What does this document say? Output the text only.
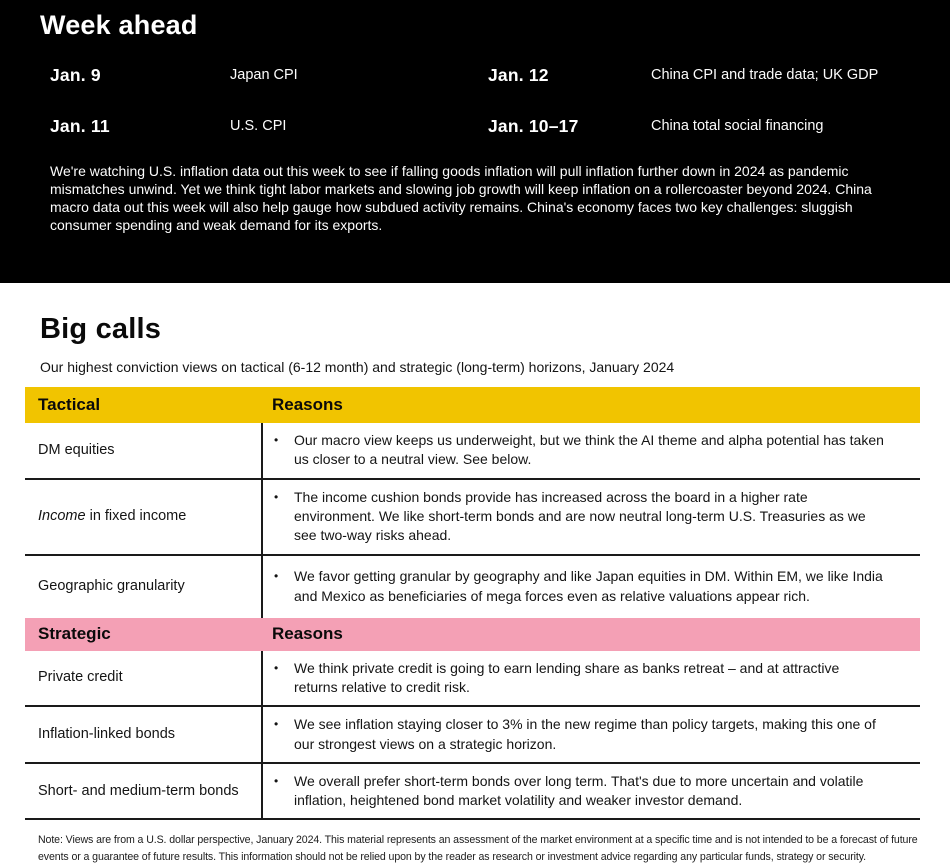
Week ahead
Jan. 9	Japan CPI	Jan. 12	China CPI and trade data; UK GDP
Jan. 11	U.S. CPI	Jan. 10–17	China total social financing
We're watching U.S. inflation data out this week to see if falling goods inflation will pull inflation further down in 2024 as pandemic mismatches unwind. Yet we think tight labor markets and slowing job growth will keep inflation on a rollercoaster beyond 2024. China macro data out this week will also help gauge how subdued activity remains. China's economy faces two key challenges: sluggish consumer spending and weak demand for its exports.
Big calls
Our highest conviction views on tactical (6-12 month) and strategic (long-term) horizons, January 2024
Tactical	Reasons
DM equities
•	Our macro view keeps us underweight, but we think the AI theme and alpha potential has taken us closer to a neutral view. See below.
Income in fixed income
•	The income cushion bonds provide has increased across the board in a higher rate environment. We like short-term bonds and are now neutral long-term U.S. Treasuries as we see two-way risks ahead.
Geographic granularity
•	We favor getting granular by geography and like Japan equities in DM. Within EM, we like India and Mexico as beneficiaries of mega forces even as relative valuations appear rich.
Strategic	Reasons
Private credit
•	We think private credit is going to earn lending share as banks retreat – and at attractive returns relative to credit risk.
Inflation-linked bonds
•	We see inflation staying closer to 3% in the new regime than policy targets, making this one of our strongest views on a strategic horizon.
Short- and medium-term bonds
•	We overall prefer short-term bonds over long term. That's due to more uncertain and volatile inflation, heightened bond market volatility and weaker investor demand.
Note: Views are from a U.S. dollar perspective, January 2024. This material represents an assessment of the market environment at a specific time and is not intended to be a forecast of future events or a guarantee of future results. This information should not be relied upon by the reader as research or investment advice regarding any particular funds, strategy or security.
